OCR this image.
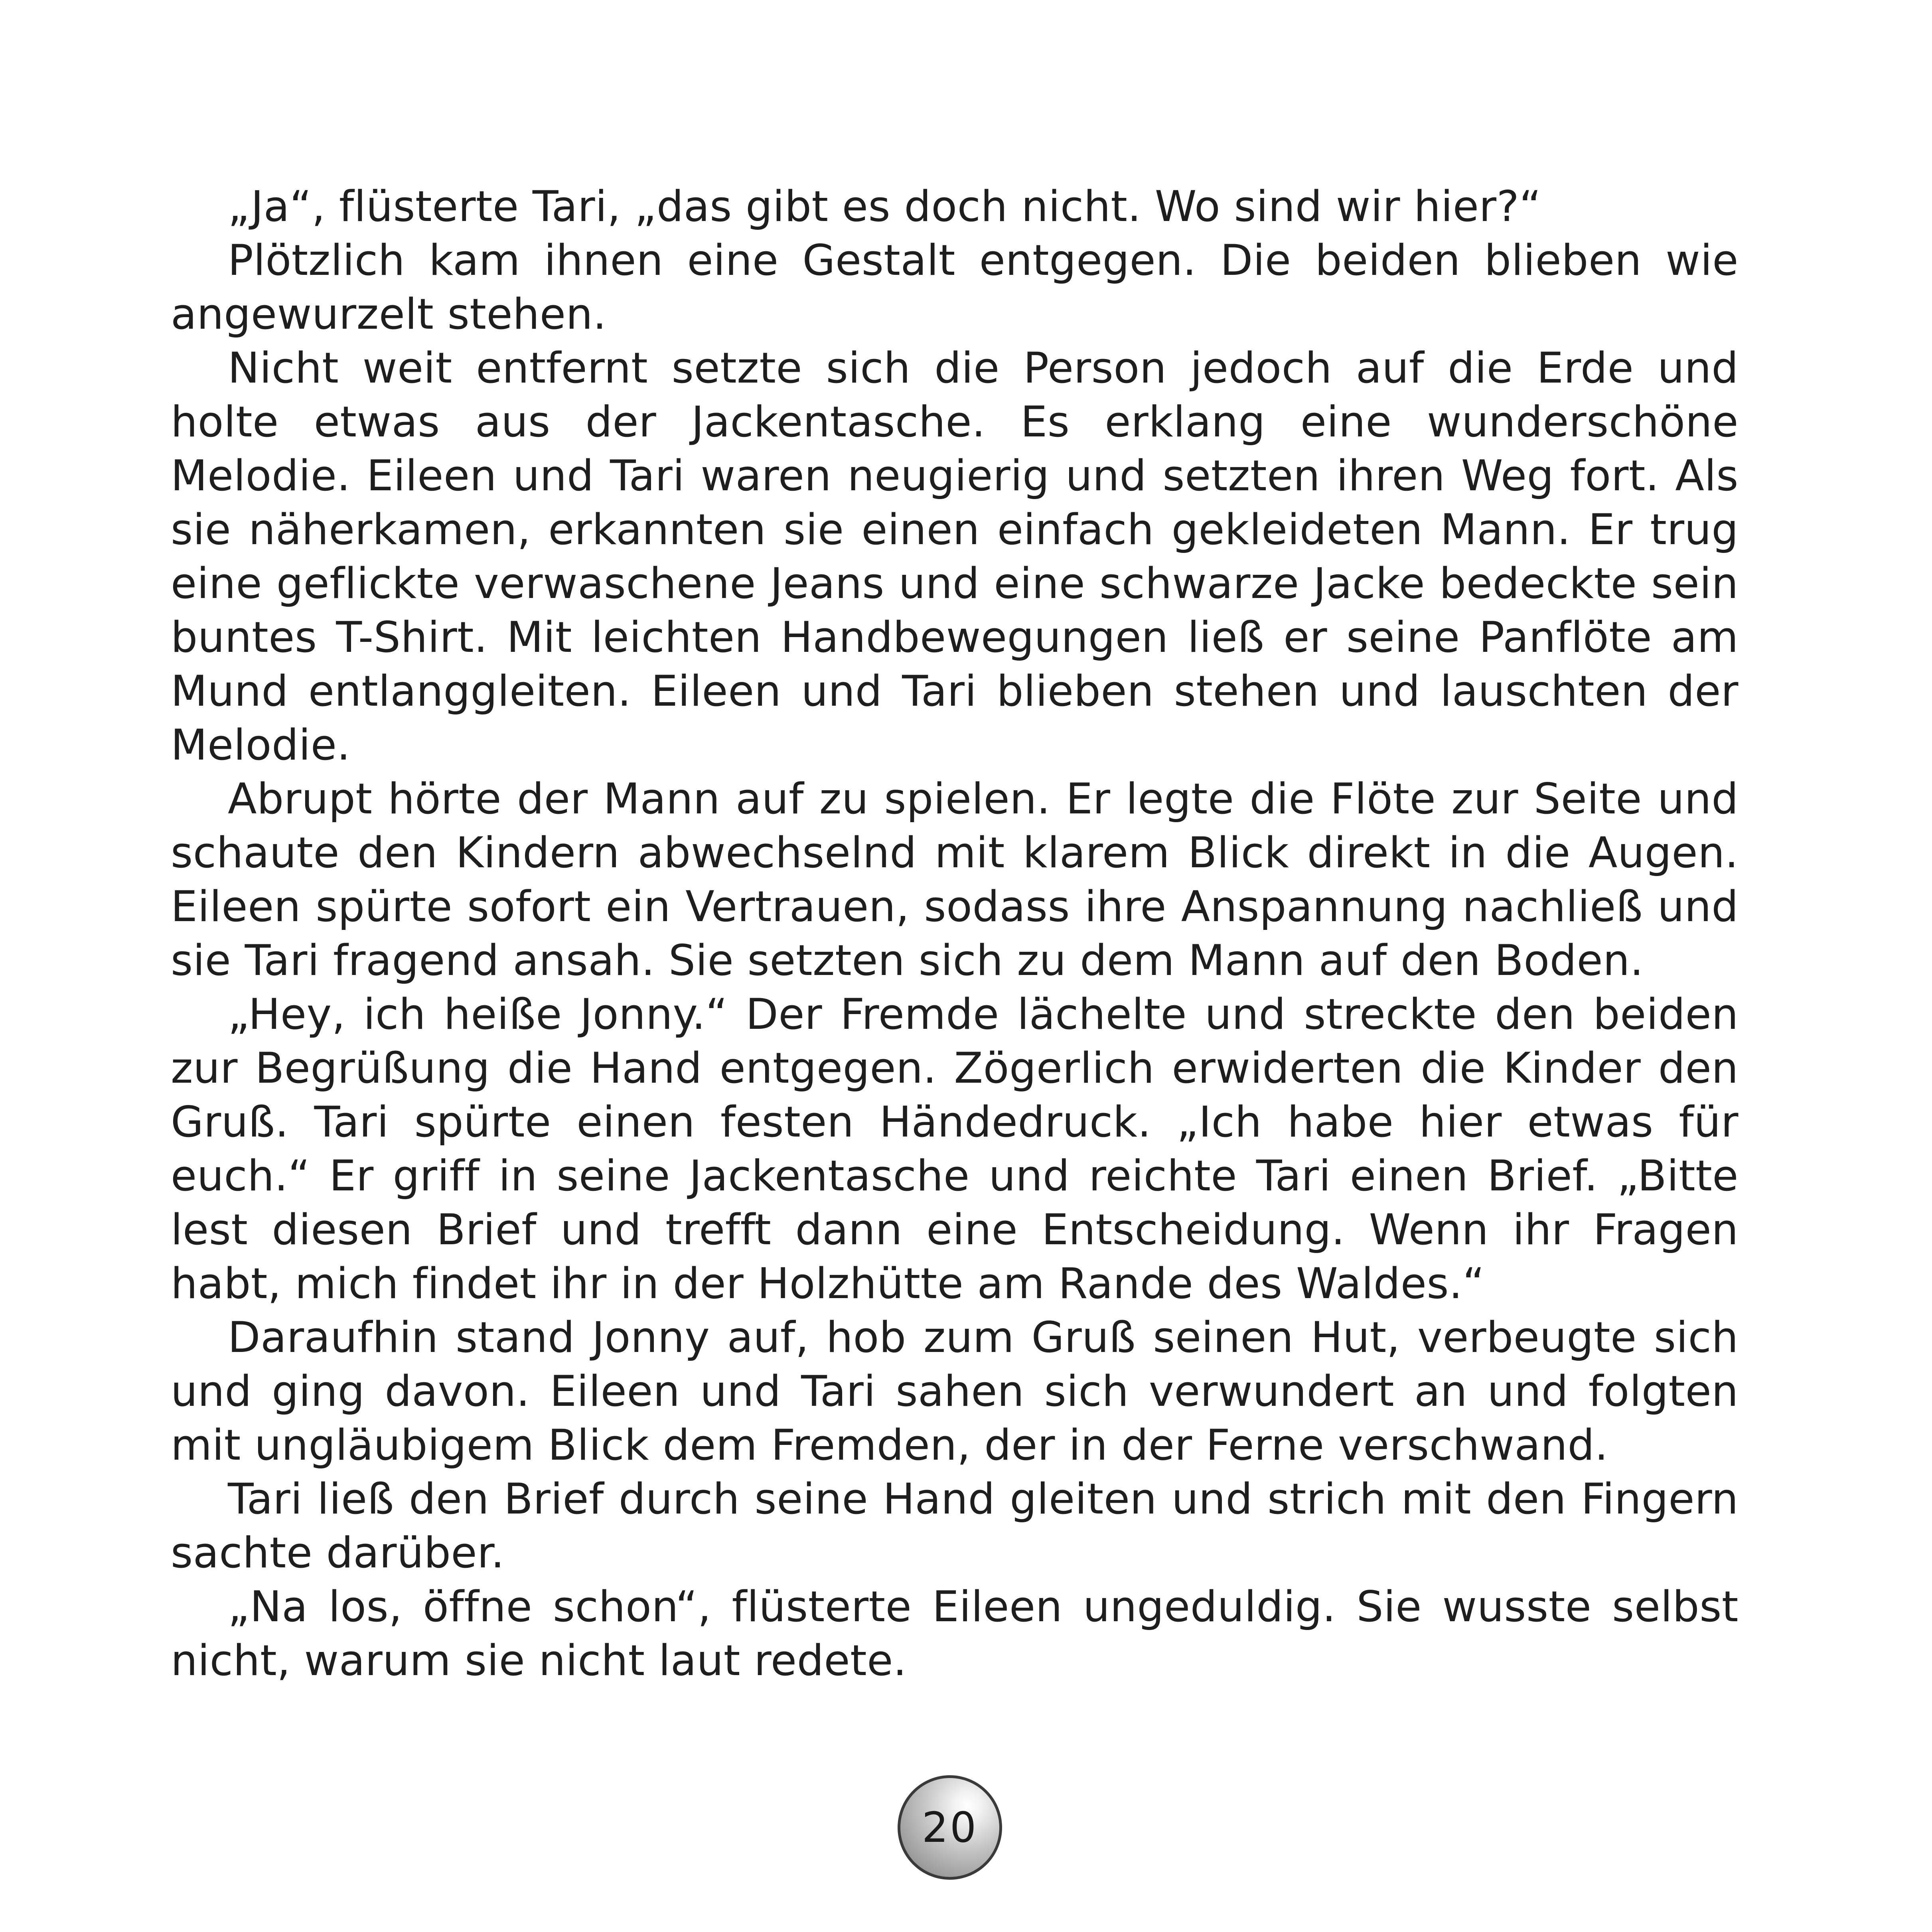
„Ja“, flüsterte Tari, „das gibt es doch nicht. Wo sind wir hier?“

Plötzlich kam ihnen eine Gestalt entgegen. Die beiden blieben wie angewurzelt stehen.

Nicht weit entfernt setzte sich die Person jedoch auf die Erde und holte etwas aus der Jackentasche. Es erklang eine wunderschöne Melodie. Eileen und Tari waren neugierig und setzten ihren Weg fort. Als sie näherkamen, erkannten sie einen einfach gekleideten Mann. Er trug eine geflickte verwaschene Jeans und eine schwarze Jacke bedeckte sein buntes T-Shirt. Mit leichten Handbewegungen ließ er seine Panflöte am Mund entlanggleiten. Eileen und Tari blieben stehen und lauschten der Melodie.

Abrupt hörte der Mann auf zu spielen. Er legte die Flöte zur Seite und schaute den Kindern abwechselnd mit klarem Blick direkt in die Augen. Eileen spürte sofort ein Vertrauen, sodass ihre Anspannung nachließ und sie Tari fragend ansah. Sie setzten sich zu dem Mann auf den Boden.

„Hey, ich heiße Jonny.“ Der Fremde lächelte und streckte den beiden zur Begrüßung die Hand entgegen. Zögerlich erwiderten die Kinder den Gruß. Tari spürte einen festen Händedruck. „Ich habe hier etwas für euch.“ Er griff in seine Jackentasche und reichte Tari einen Brief. „Bitte lest diesen Brief und trefft dann eine Entscheidung. Wenn ihr Fragen habt, mich findet ihr in der Holzhütte am Rande des Waldes.“

Daraufhin stand Jonny auf, hob zum Gruß seinen Hut, verbeugte sich und ging davon. Eileen und Tari sahen sich verwundert an und folgten mit ungläubigem Blick dem Fremden, der in der Ferne verschwand.

Tari ließ den Brief durch seine Hand gleiten und strich mit den Fingern sachte darüber.

„Na los, öffne schon“, flüsterte Eileen ungeduldig. Sie wusste selbst nicht, warum sie nicht laut redete.

20
